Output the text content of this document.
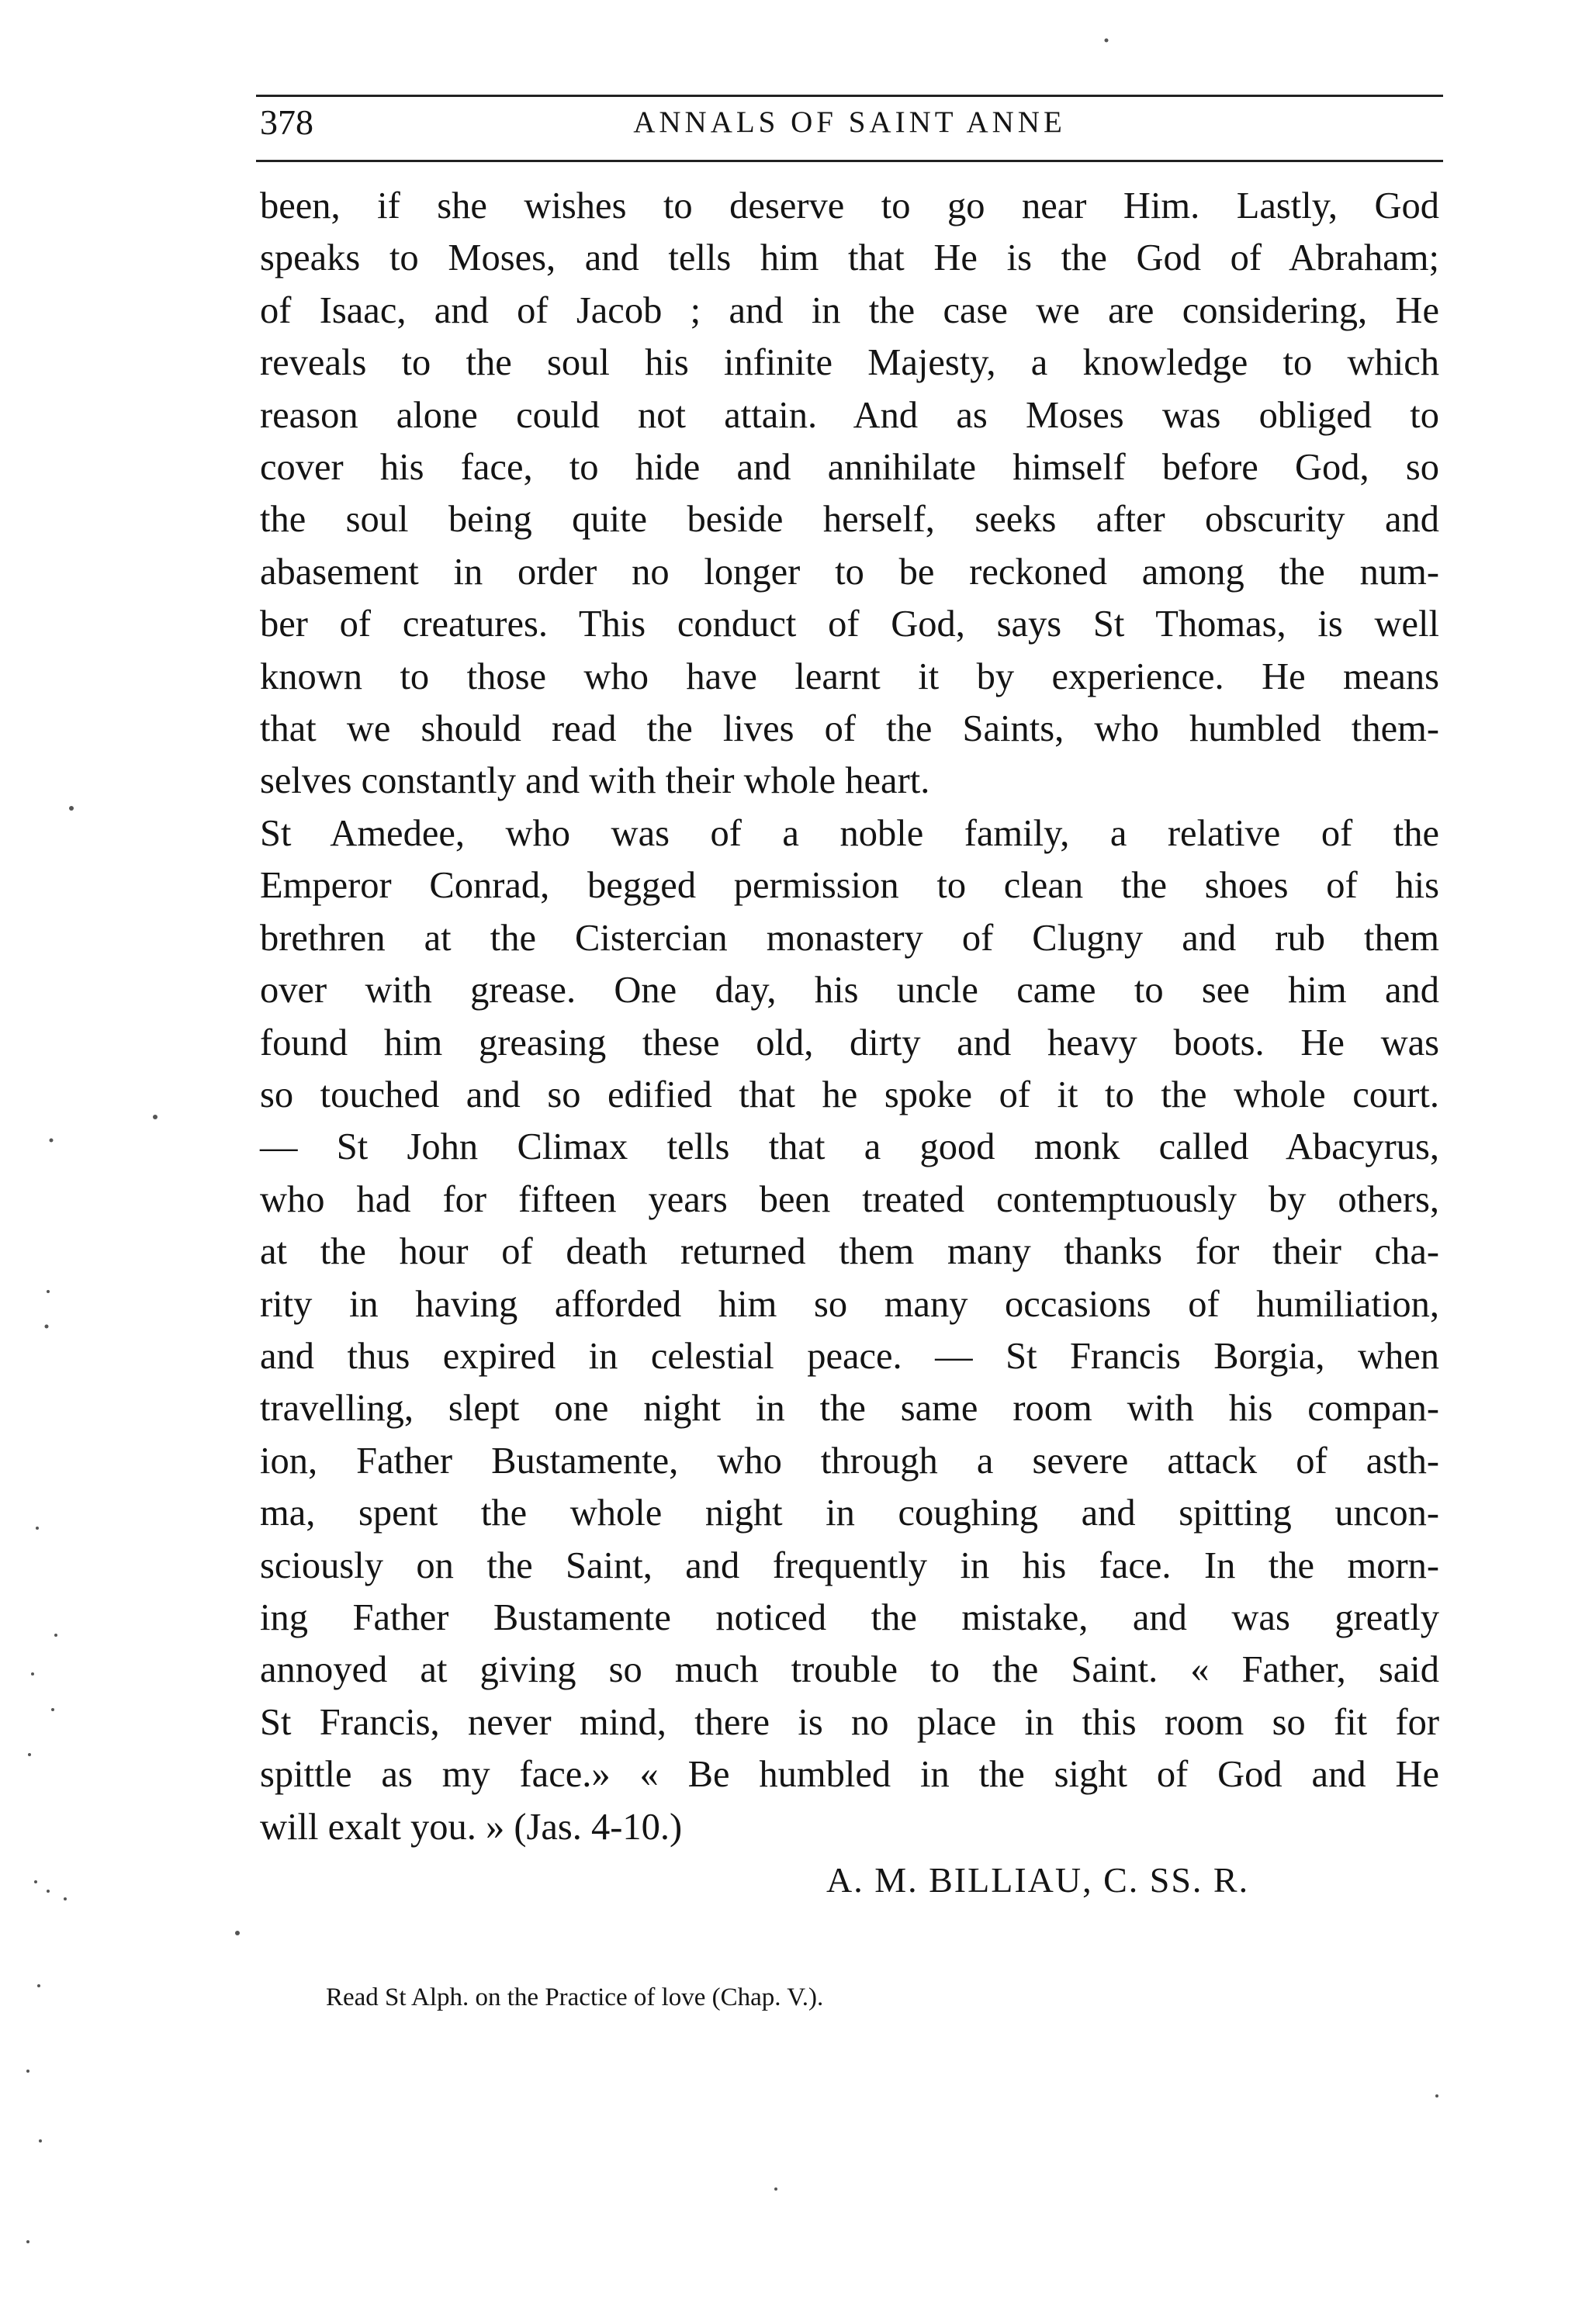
378	ANNALS OF SAINT ANNE
been, if she wishes to deserve to go near Him. Lastly, God
speaks to Moses, and tells him that He is the God of Abraham;
of Isaac, and of Jacob ; and in the case we are considering, He
reveals to the soul his infinite Majesty, a knowledge to which
reason alone could not attain. And as Moses was obliged to
cover his face, to hide and annihilate himself before God, so
the soul being quite beside herself, seeks after obscurity and
abasement in order no longer to be reckoned among the num-
ber of creatures. This conduct of God, says St Thomas, is well
known to those who have learnt it by experience. He means
that we should read the lives of the Saints, who humbled them-
selves constantly and with their whole heart.
St Amedee, who was of a noble family, a relative of the
Emperor Conrad, begged permission to clean the shoes of his
brethren at the Cistercian monastery of Clugny and rub them
over with grease. One day, his uncle came to see him and
found him greasing these old, dirty and heavy boots. He was
so touched and so edified that he spoke of it to the whole court.
— St John Climax tells that a good monk called Abacyrus,
who had for fifteen years been treated contemptuously by others,
at the hour of death returned them many thanks for their cha-
rity in having afforded him so many occasions of humiliation,
and thus expired in celestial peace. — St Francis Borgia, when
travelling, slept one night in the same room with his compan-
ion, Father Bustamente, who through a severe attack of asth-
ma, spent the whole night in coughing and spitting uncon-
sciously on the Saint, and frequently in his face. In the morn-
ing Father Bustamente noticed the mistake, and was greatly
annoyed at giving so much trouble to the Saint. « Father, said
St Francis, never mind, there is no place in this room so fit for
spittle as my face.» « Be humbled in the sight of God and He
will exalt you. » (Jas. 4-10.)
A. M. BILLIAU, C. SS. R.
Read St Alph. on the Practice of love (Chap. V.).
